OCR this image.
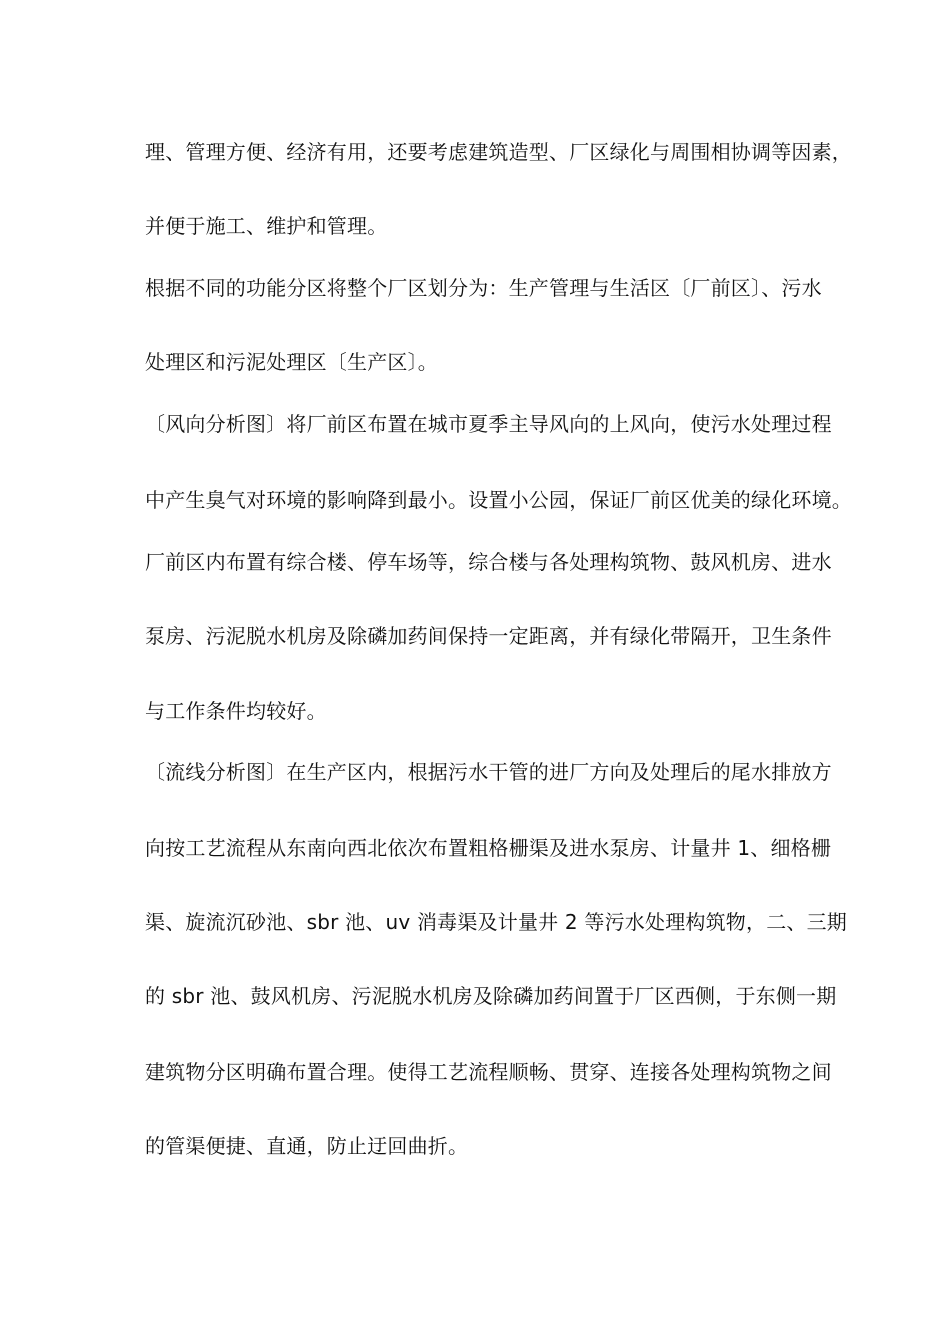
理、管理方便、经济有用，还要考虑建筑造型、厂区绿化与周围相协调等因素，
并便于施工、维护和管理。
根据不同的功能分区将整个厂区划分为：生产管理与生活区〔厂前区〕、污水
处理区和污泥处理区〔生产区〕。
〔风向分析图〕将厂前区布置在城市夏季主导风向的上风向，使污水处理过程
中产生臭气对环境的影响降到最小。设置小公园，保证厂前区优美的绿化环境。
厂前区内布置有综合楼、停车场等，综合楼与各处理构筑物、鼓风机房、进水
泵房、污泥脱水机房及除磷加药间保持一定距离，并有绿化带隔开，卫生条件
与工作条件均较好。
〔流线分析图〕在生产区内，根据污水干管的进厂方向及处理后的尾水排放方
向按工艺流程从东南向西北依次布置粗格栅渠及进水泵房、计量井 1、细格栅
渠、旋流沉砂池、sbr 池、uv 消毒渠及计量井 2 等污水处理构筑物，二、三期
的 sbr 池、鼓风机房、污泥脱水机房及除磷加药间置于厂区西侧，于东侧一期
建筑物分区明确布置合理。使得工艺流程顺畅、贯穿、连接各处理构筑物之间
的管渠便捷、直通，防止迂回曲折。
